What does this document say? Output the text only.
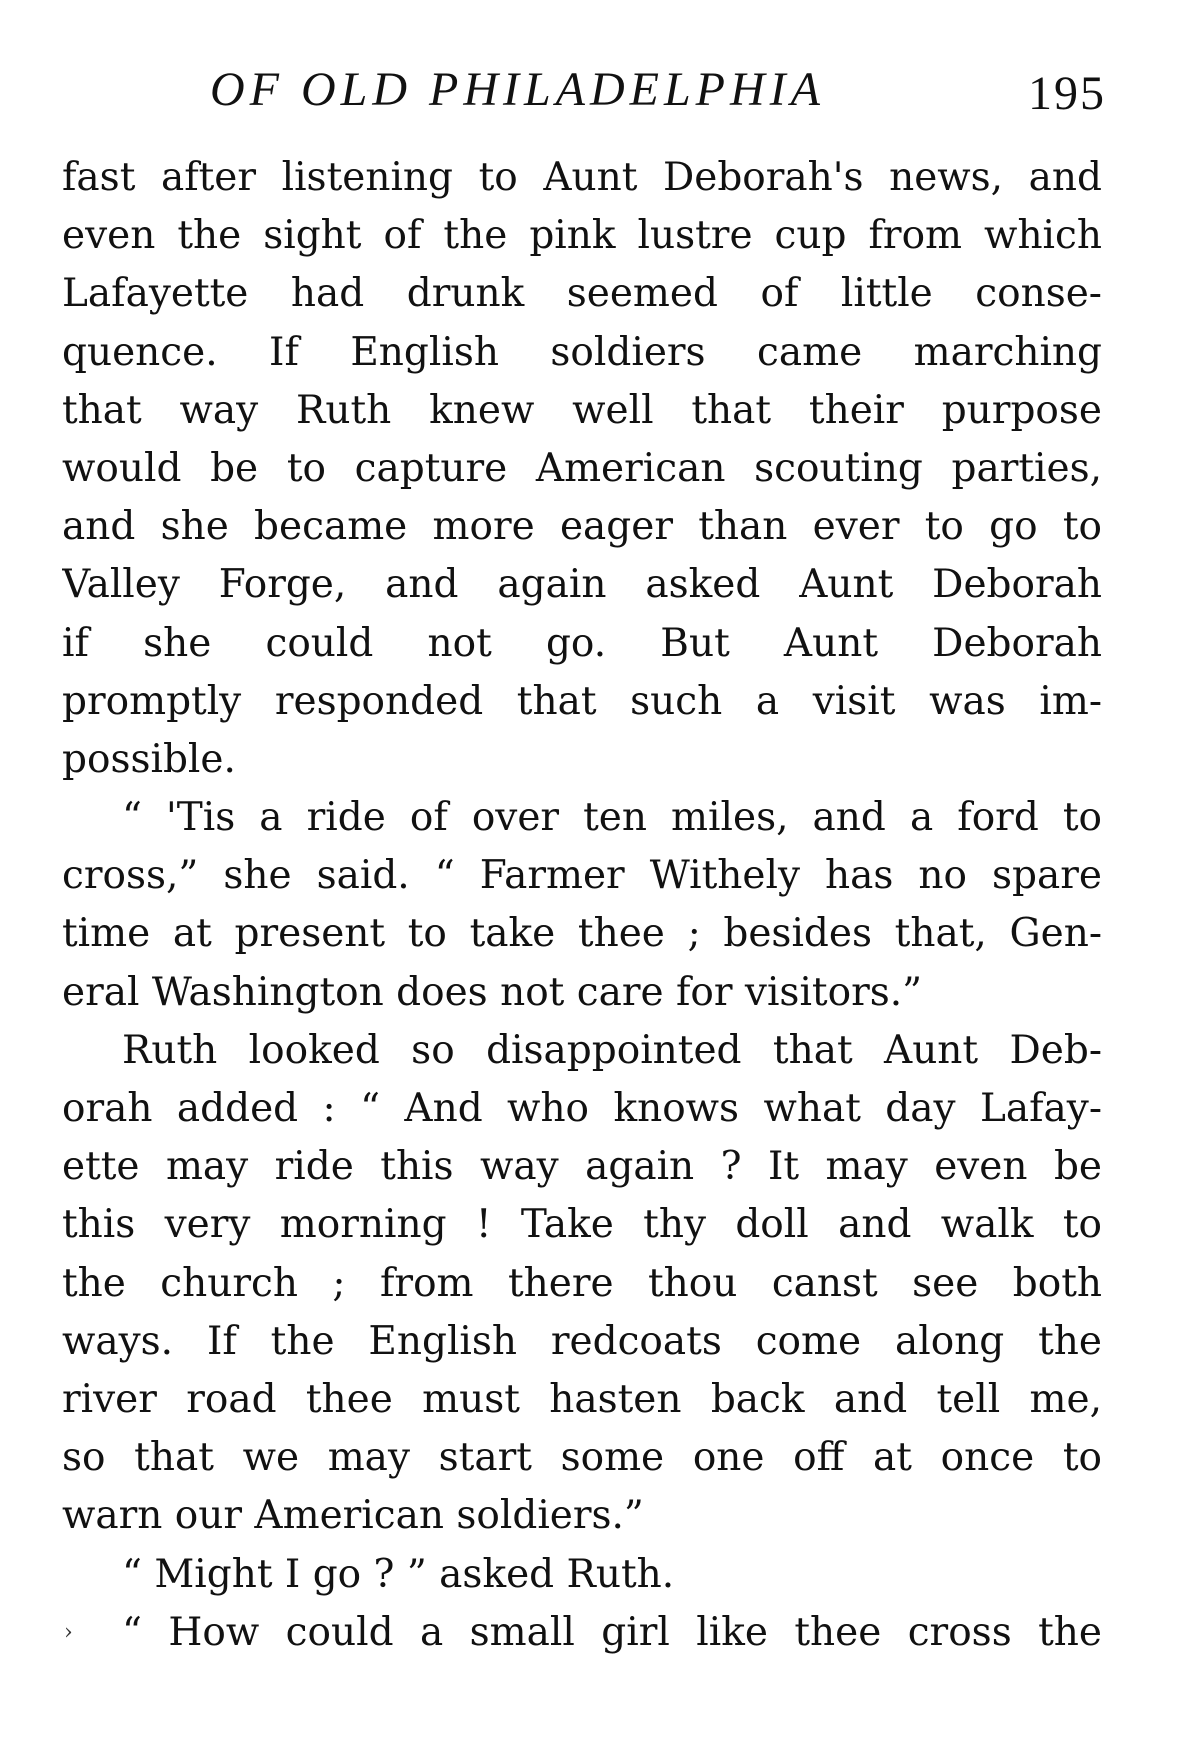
OF OLD PHILADELPHIA	195
fast after listening to Aunt Deborah's news, and
even the sight of the pink lustre cup from which
Lafayette had drunk seemed of little conse-
quence. If English soldiers came marching
that way Ruth knew well that their purpose
would be to capture American scouting parties,
and she became more eager than ever to go to
Valley Forge, and again asked Aunt Deborah
if she could not go. But Aunt Deborah
promptly responded that such a visit was im-
possible.
“ 'Tis a ride of over ten miles, and a ford to
cross,” she said. “ Farmer Withely has no spare
time at present to take thee ; besides that, Gen-
eral Washington does not care for visitors.”
Ruth looked so disappointed that Aunt Deb-
orah added : “ And who knows what day Lafay-
ette may ride this way again ? It may even be
this very morning ! Take thy doll and walk to
the church ; from there thou canst see both
ways. If the English redcoats come along the
river road thee must hasten back and tell me,
so that we may start some one off at once to
warn our American soldiers.”
“ Might I go ? ” asked Ruth.
“ How could a small girl like thee cross the
›
